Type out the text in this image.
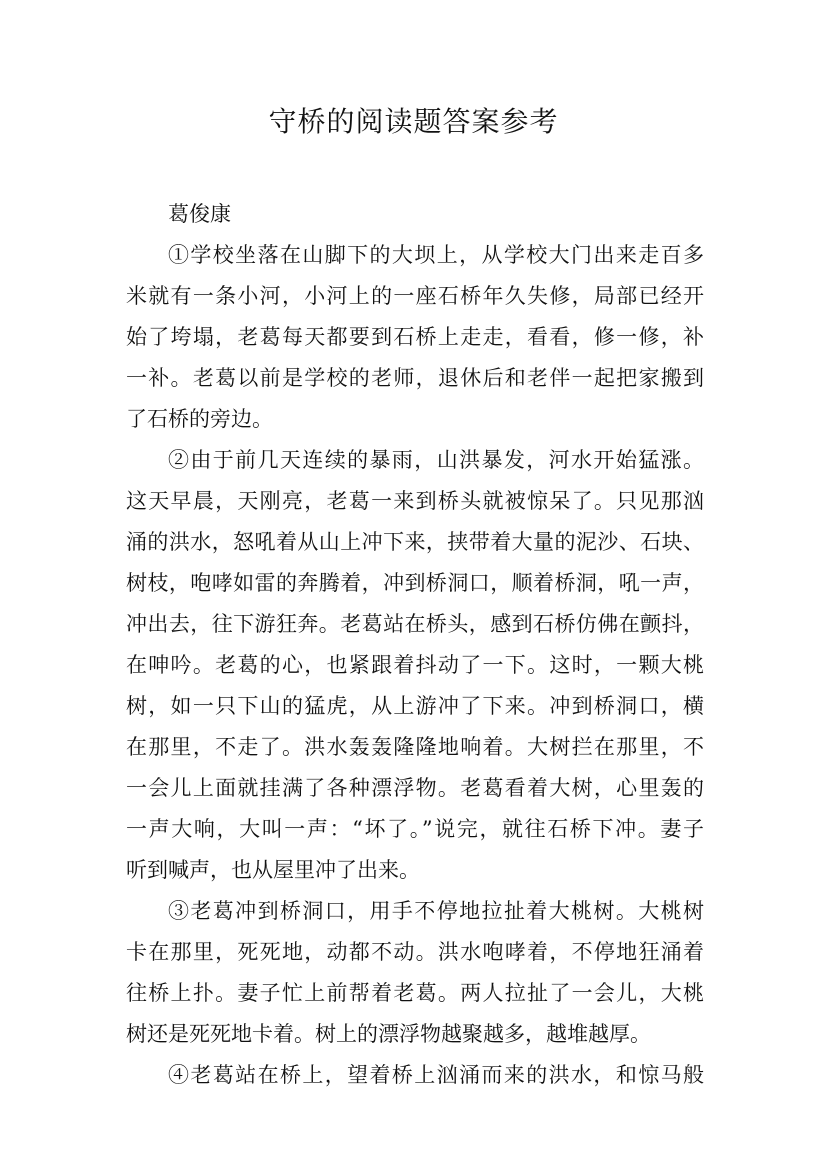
守桥的阅读题答案参考
葛俊康
①学校坐落在山脚下的大坝上，从学校大门出来走百多
米就有一条小河，小河上的一座石桥年久失修，局部已经开
始了垮塌，老葛每天都要到石桥上走走，看看，修一修，补
一补。老葛以前是学校的老师，退休后和老伴一起把家搬到
了石桥的旁边。
②由于前几天连续的暴雨，山洪暴发，河水开始猛涨。
这天早晨，天刚亮，老葛一来到桥头就被惊呆了。只见那汹
涌的洪水，怒吼着从山上冲下来，挟带着大量的泥沙、石块、
树枝，咆哮如雷的奔腾着，冲到桥洞口，顺着桥洞，吼一声，
冲出去，往下游狂奔。老葛站在桥头，感到石桥仿佛在颤抖，
在呻吟。老葛的心，也紧跟着抖动了一下。这时，一颗大桃
树，如一只下山的猛虎，从上游冲了下来。冲到桥洞口，横
在那里，不走了。洪水轰轰隆隆地响着。大树拦在那里，不
一会儿上面就挂满了各种漂浮物。老葛看着大树，心里轰的
一声大响，大叫一声：“坏了。”说完，就往石桥下冲。妻子
听到喊声，也从屋里冲了出来。
③老葛冲到桥洞口，用手不停地拉扯着大桃树。大桃树
卡在那里，死死地，动都不动。洪水咆哮着，不停地狂涌着
往桥上扑。妻子忙上前帮着老葛。两人拉扯了一会儿，大桃
树还是死死地卡着。树上的漂浮物越聚越多，越堆越厚。
④老葛站在桥上，望着桥上汹涌而来的洪水，和惊马般
